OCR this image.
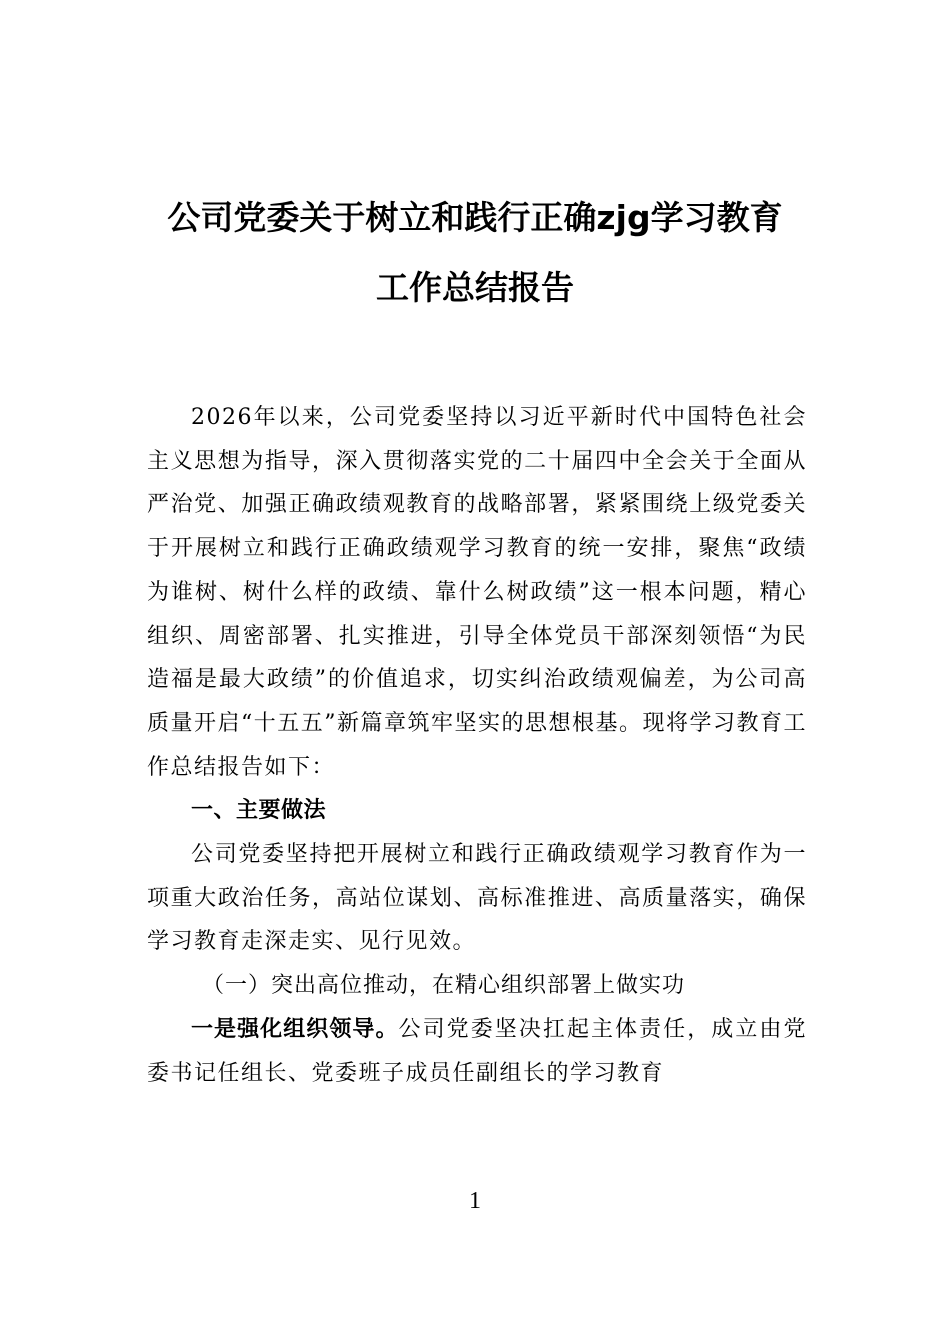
公司党委关于树立和践行正确zjg学习教育
工作总结报告

2026年以来，公司党委坚持以习近平新时代中国特色社会主义思想为指导，深入贯彻落实党的二十届四中全会关于全面从严治党、加强正确政绩观教育的战略部署，紧紧围绕上级党委关于开展树立和践行正确政绩观学习教育的统一安排，聚焦“政绩为谁树、树什么样的政绩、靠什么树政绩”这一根本问题，精心组织、周密部署、扎实推进，引导全体党员干部深刻领悟“为民造福是最大政绩”的价值追求，切实纠治政绩观偏差，为公司高质量开启“十五五”新篇章筑牢坚实的思想根基。现将学习教育工作总结报告如下：

一、主要做法

公司党委坚持把开展树立和践行正确政绩观学习教育作为一项重大政治任务，高站位谋划、高标准推进、高质量落实，确保学习教育走深走实、见行见效。

（一）突出高位推动，在精心组织部署上做实功

一是强化组织领导。公司党委坚决扛起主体责任，成立由党委书记任组长、党委班子成员任副组长的学习教育

1
